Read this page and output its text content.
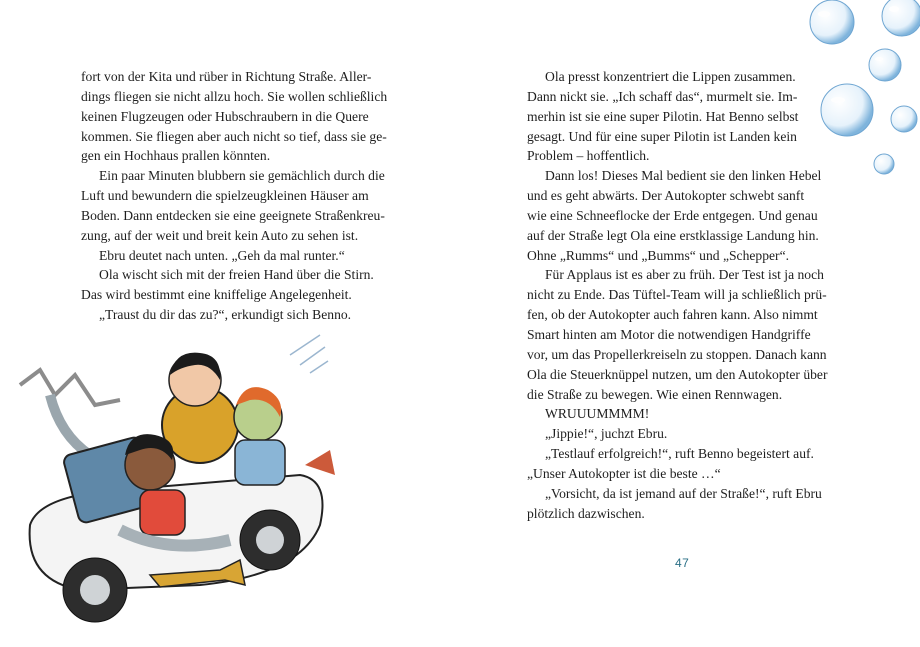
fort von der Kita und rüber in Richtung Straße. Aller-
dings fliegen sie nicht allzu hoch. Sie wollen schließlich
keinen Flugzeugen oder Hubschraubern in die Quere
kommen. Sie fliegen aber auch nicht so tief, dass sie ge-
gen ein Hochhaus prallen könnten.
Ein paar Minuten blubbern sie gemächlich durch die
Luft und bewundern die spielzeugkleinen Häuser am
Boden. Dann entdecken sie eine geeignete Straßenkreu-
zung, auf der weit und breit kein Auto zu sehen ist.
Ebru deutet nach unten. „Geh da mal runter.“
Ola wischt sich mit der freien Hand über die Stirn.
Das wird bestimmt eine kniffelige Angelegenheit.
„Traust du dir das zu?“, erkundigt sich Benno.
Ola presst konzentriert die Lippen zusammen.
Dann nickt sie. „Ich schaff das“, murmelt sie. Im-
merhin ist sie eine super Pilotin. Hat Benno selbst
gesagt. Und für eine super Pilotin ist Landen kein
Problem – hoffentlich.
Dann los! Dieses Mal bedient sie den linken Hebel
und es geht abwärts. Der Autokopter schwebt sanft
wie eine Schneeflocke der Erde entgegen. Und genau
auf der Straße legt Ola eine erstklassige Landung hin.
Ohne „Rumms“ und „Bumms“ und „Schepper“.
Für Applaus ist es aber zu früh. Der Test ist ja noch
nicht zu Ende. Das Tüftel-Team will ja schließlich prü-
fen, ob der Autokopter auch fahren kann. Also nimmt
Smart hinten am Motor die notwendigen Handgriffe
vor, um das Propellerkreiseln zu stoppen. Danach kann
Ola die Steuerknüppel nutzen, um den Autokopter über
die Straße zu bewegen. Wie einen Rennwagen.
WRUUUMMMM!
„Jippie!“, juchzt Ebru.
„Testlauf erfolgreich!“, ruft Benno begeistert auf.
„Unser Autokopter ist die beste …“
„Vorsicht, da ist jemand auf der Straße!“, ruft Ebru
plötzlich dazwischen.
47
